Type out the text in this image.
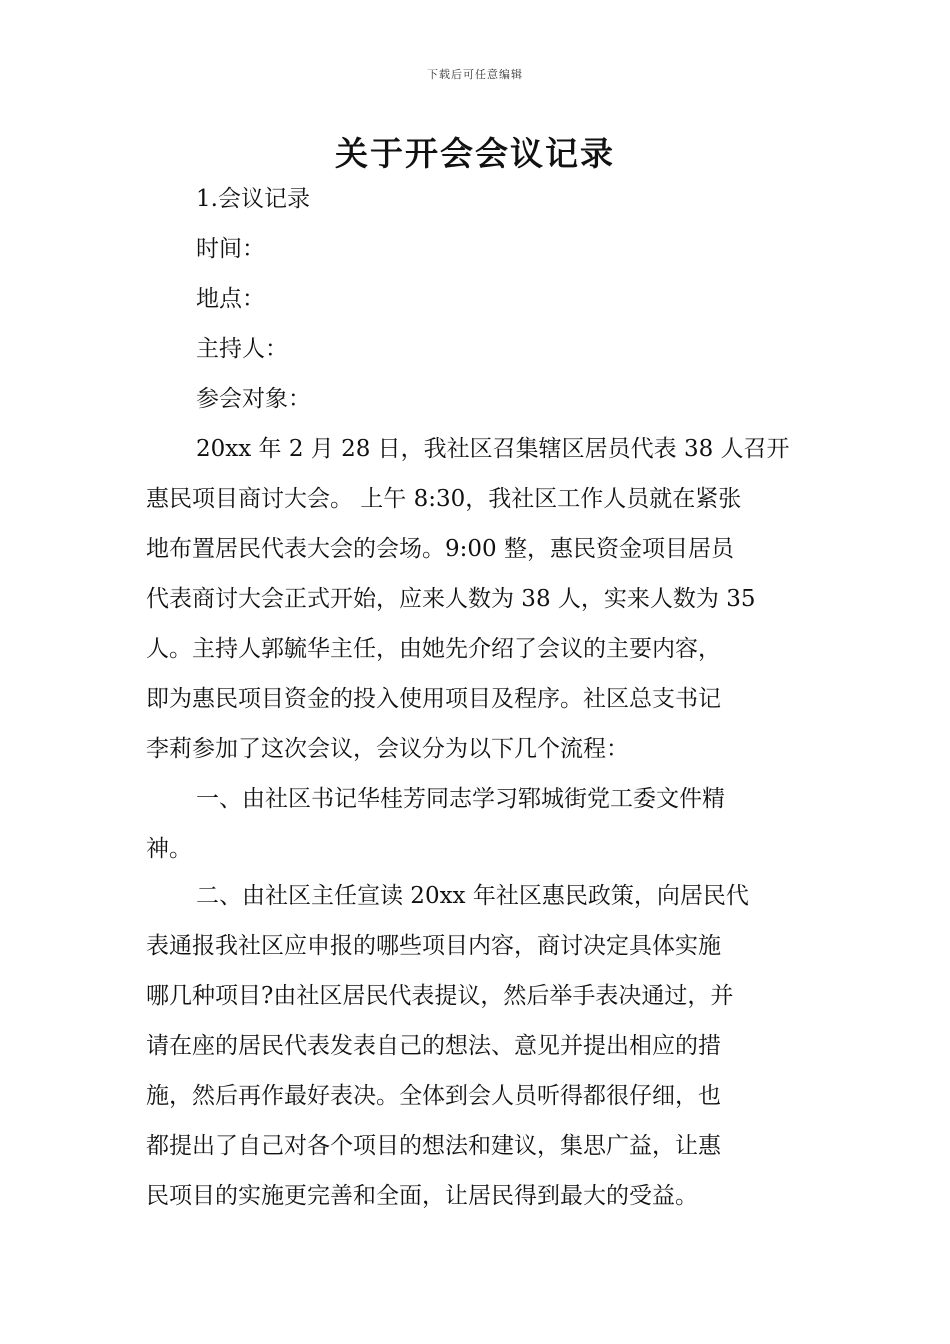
下载后可任意编辑
关于开会会议记录
1.会议记录
时间：
地点：
主持人：
参会对象：
20xx 年 2 月 28 日，我社区召集辖区居员代表 38 人召开
惠民项目商讨大会。 上午 8:30，我社区工作人员就在紧张
地布置居民代表大会的会场。9:00 整，惠民资金项目居员
代表商讨大会正式开始，应来人数为 38 人，实来人数为 35
人。主持人郭毓华主任，由她先介绍了会议的主要内容，
即为惠民项目资金的投入使用项目及程序。社区总支书记
李莉参加了这次会议，会议分为以下几个流程：
一、由社区书记华桂芳同志学习郓城街党工委文件精
神。
二、由社区主任宣读 20xx 年社区惠民政策，向居民代
表通报我社区应申报的哪些项目内容，商讨决定具体实施
哪几种项目?由社区居民代表提议，然后举手表决通过，并
请在座的居民代表发表自己的想法、意见并提出相应的措
施，然后再作最好表决。全体到会人员听得都很仔细，也
都提出了自己对各个项目的想法和建议，集思广益，让惠
民项目的实施更完善和全面，让居民得到最大的受益。
